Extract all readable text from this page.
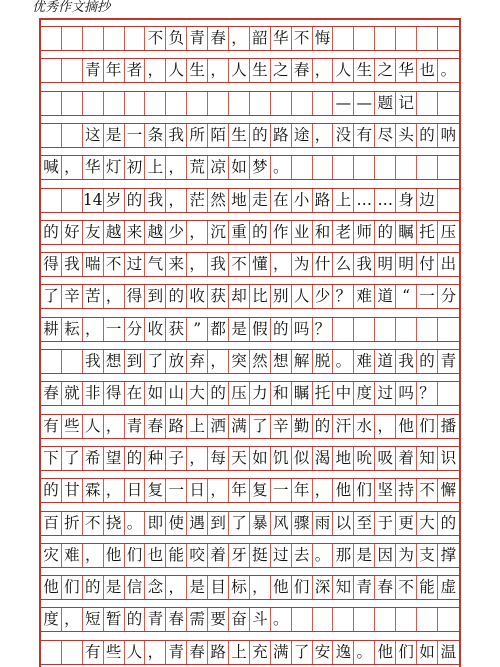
优秀作文摘抄
不 负 青 春 ， 韶 华 不 悔
青 年 者 ， 人 生 ， 人 生 之 春 ， 人 生 之 华 也 。
— — 题 记
这 是 一 条 我 所 陌 生 的 路 途 ， 没 有 尽 头 的 呐
喊 ， 华 灯 初 上 ， 荒 凉 如 梦 。
14 岁 的 我 ， 茫 然 地 走 在 小 路 上 … … 身 边
的 好 友 越 来 越 少 ， 沉 重 的 作 业 和 老 师 的 瞩 托 压
得 我 喘 不 过 气 来 ， 我 不 懂 ， 为 什 么 我 明 明 付 出
了 辛 苦 ， 得 到 的 收 获 却 比 别 人 少 ？ 难 道 “ 一 分
耕 耘 ， 一 分 收 获 ” 都 是 假 的 吗 ？
我 想 到 了 放 弃 ， 突 然 想 解 脱 。 难 道 我 的 青
春 就 非 得 在 如 山 大 的 压 力 和 瞩 托 中 度 过 吗 ？
有 些 人 ， 青 春 路 上 洒 满 了 辛 勤 的 汗 水 ， 他 们 播
下 了 希 望 的 种 子 ， 每 天 如 饥 似 渴 地 吮 吸 着 知 识
的 甘 霖 ， 日 复 一 日 ， 年 复 一 年 ， 他 们 坚 持 不 懈
百 折 不 挠 。 即 使 遇 到 了 暴 风 骤 雨 以 至 于 更 大 的
灾 难 ， 他 们 也 能 咬 着 牙 挺 过 去 。 那 是 因 为 支 撑
他 们 的 是 信 念 ， 是 目 标 ， 他 们 深 知 青 春 不 能 虚
度 ， 短 暂 的 青 春 需 要 奋 斗 。
有 些 人 ， 青 春 路 上 充 满 了 安 逸 。 他 们 如 温
